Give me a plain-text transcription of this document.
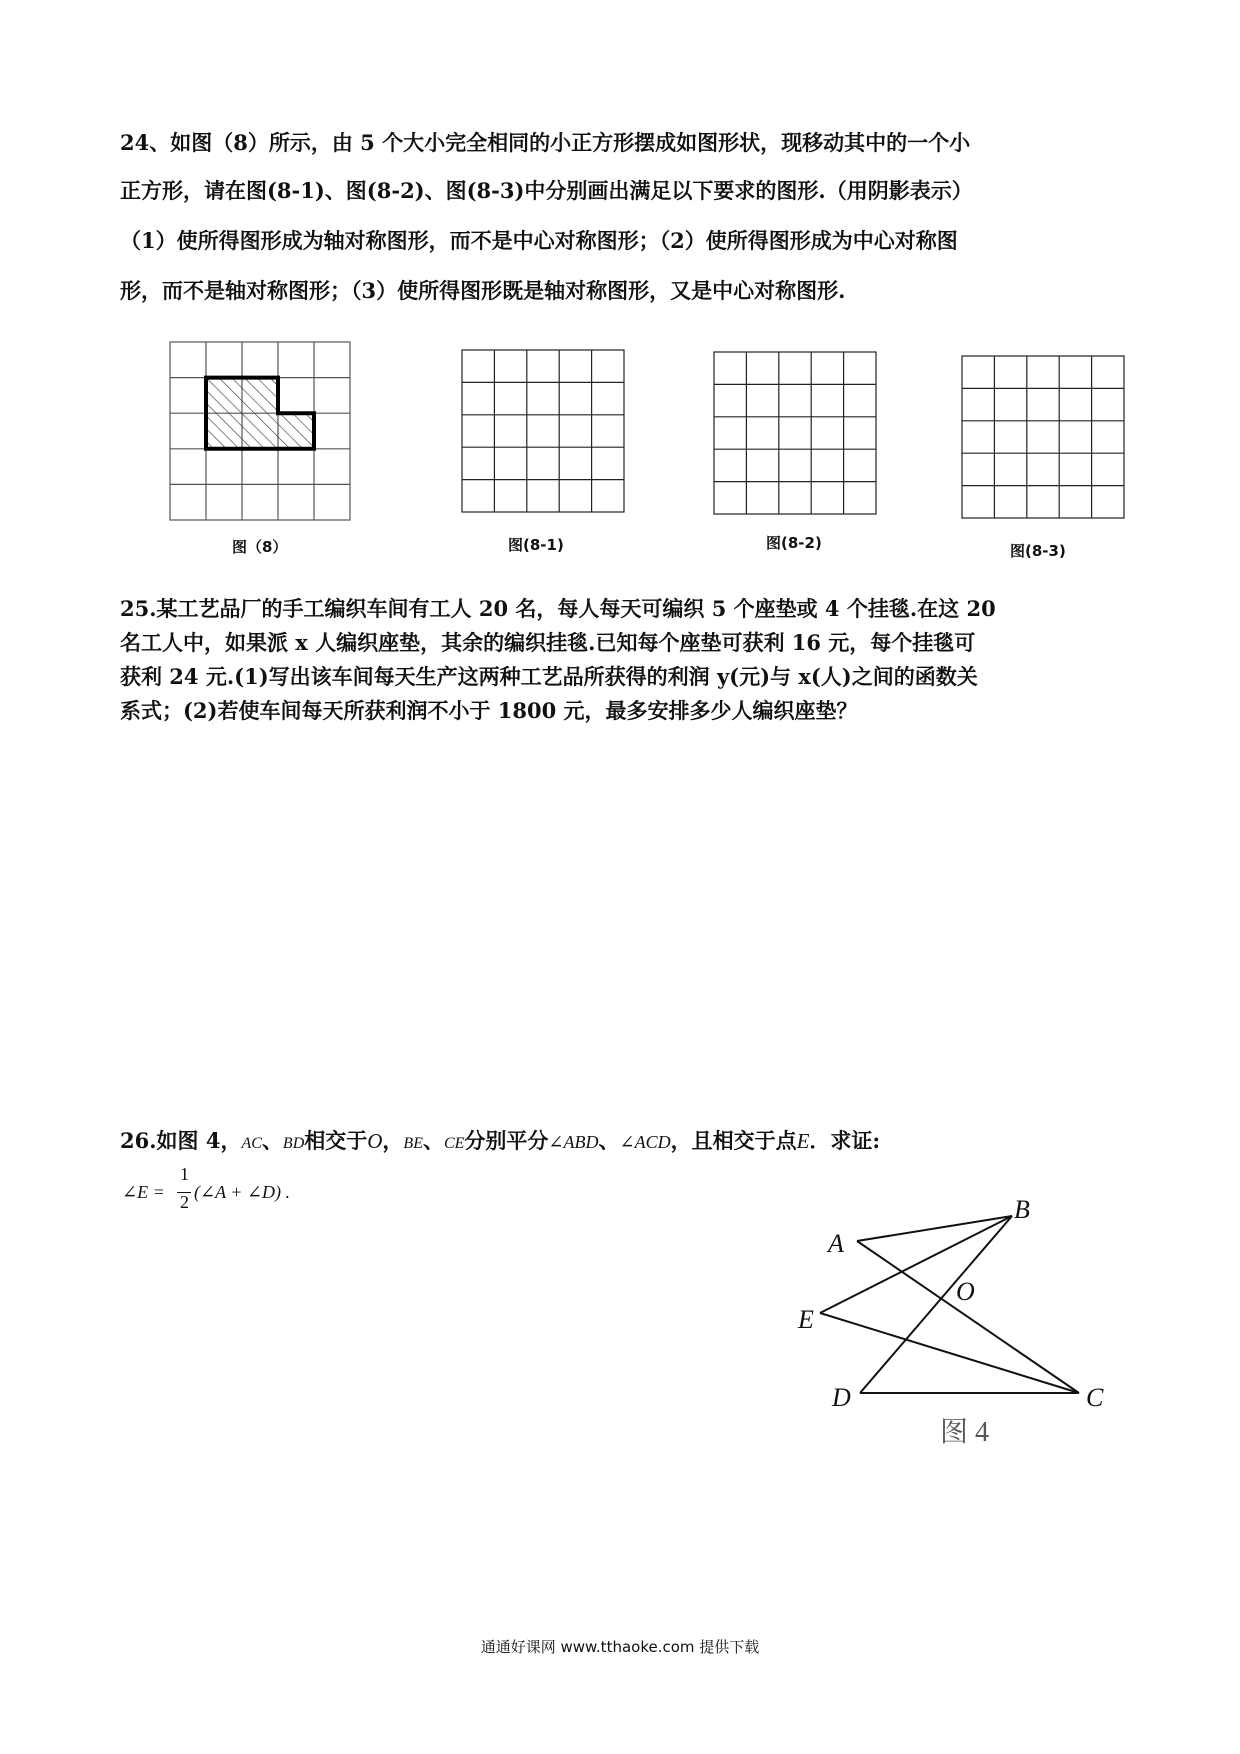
24、如图（8）所示，由 5 个大小完全相同的小正方形摆成如图形状，现移动其中的一个小

正方形，请在图(8-1)、图(8-2)、图(8-3)中分别画出满足以下要求的图形.（用阴影表示）

（1）使所得图形成为轴对称图形，而不是中心对称图形；（2）使所得图形成为中心对称图

形，而不是轴对称图形；（3）使所得图形既是轴对称图形，又是中心对称图形.

图（8）	图(8-1)	图(8-2)	图(8-3)

25.某工艺品厂的手工编织车间有工人 20 名，每人每天可编织 5 个座垫或 4 个挂毯.在这 20

名工人中，如果派 x 人编织座垫，其余的编织挂毯.已知每个座垫可获利 16 元，每个挂毯可

获利 24 元.(1)写出该车间每天生产这两种工艺品所获得的利润 y(元)与 x(人)之间的函数关

系式；(2)若使车间每天所获利润不小于 1800 元，最多安排多少人编织座垫？

26.如图 4，AC、BD相交于O，BE、CE分别平分∠ABD、∠ACD，且相交于点E．求证:

∠E =
1
2 (∠A + ∠D) .
A
B
O
E
D	C
图 4
通通好课网 www.tthaoke.com 提供下载
